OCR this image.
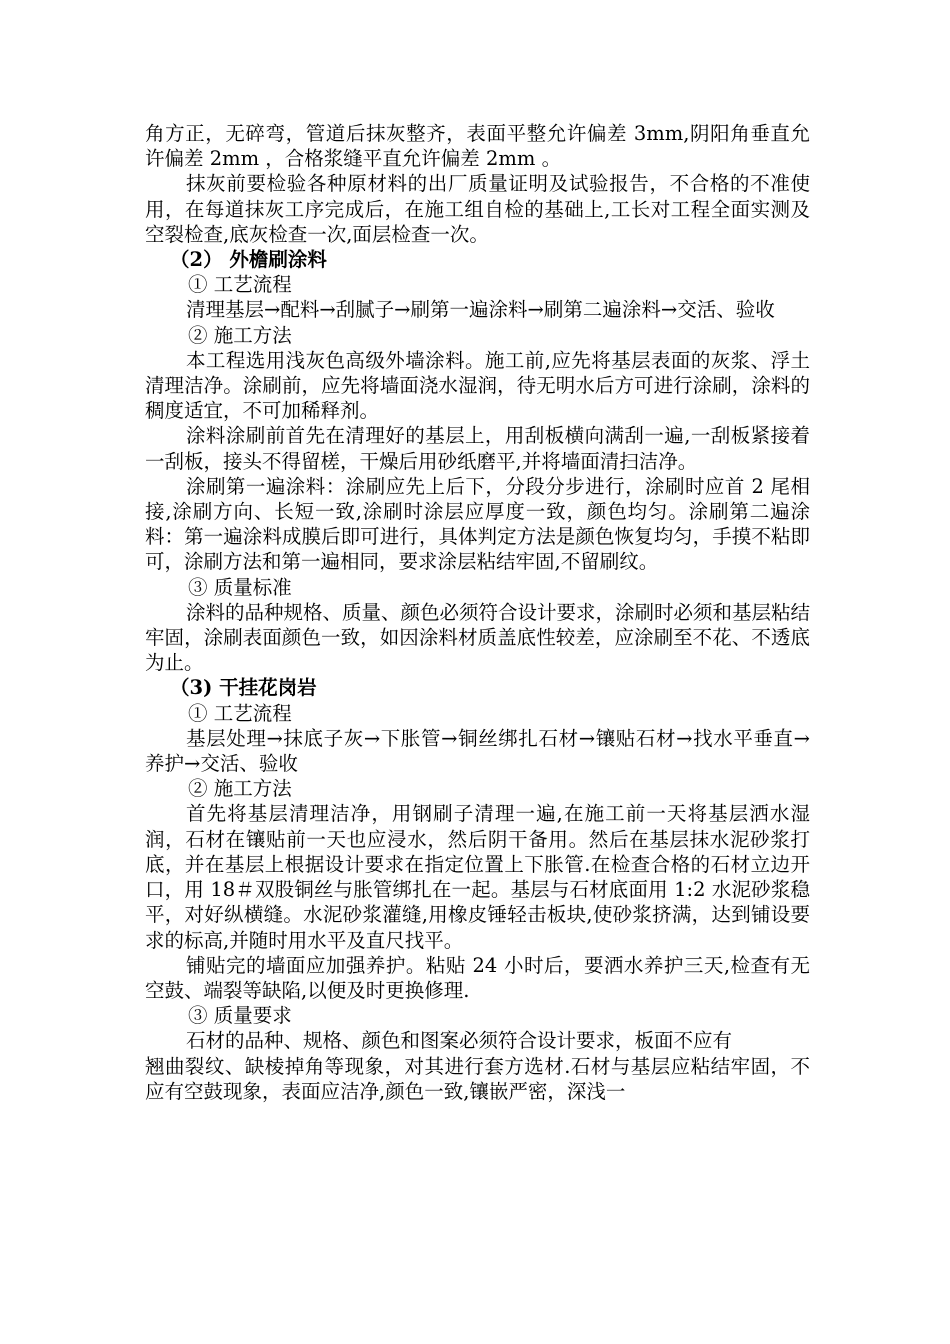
角方正，无碎弯，管道后抹灰整齐，表面平整允许偏差 3mm,阴阳角垂直允许偏差 2mm ，合格浆缝平直允许偏差 2mm 。

抹灰前要检验各种原材料的出厂质量证明及试验报告，不合格的不准使用，在每道抹灰工序完成后，在施工组自检的基础上,工长对工程全面实测及空裂检查,底灰检查一次,面层检查一次。

（2） 外檐刷涂料

① 工艺流程

清理基层→配料→刮腻子→刷第一遍涂料→刷第二遍涂料→交活、验收

② 施工方法

本工程选用浅灰色高级外墙涂料。施工前,应先将基层表面的灰浆、浮土清理洁净。涂刷前，应先将墙面浇水湿润，待无明水后方可进行涂刷，涂料的稠度适宜，不可加稀释剂。

涂料涂刷前首先在清理好的基层上，用刮板横向满刮一遍,一刮板紧接着一刮板，接头不得留槎，干燥后用砂纸磨平,并将墙面清扫洁净。

涂刷第一遍涂料：涂刷应先上后下，分段分步进行，涂刷时应首 2 尾相接,涂刷方向、长短一致,涂刷时涂层应厚度一致，颜色均匀。涂刷第二遍涂料：第一遍涂料成膜后即可进行，具体判定方法是颜色恢复均匀，手摸不粘即可，涂刷方法和第一遍相同，要求涂层粘结牢固,不留刷纹。

③ 质量标准

涂料的品种规格、质量、颜色必须符合设计要求，涂刷时必须和基层粘结牢固，涂刷表面颜色一致，如因涂料材质盖底性较差，应涂刷至不花、不透底为止。

（3) 干挂花岗岩

① 工艺流程

基层处理→抹底子灰→下胀管→铜丝绑扎石材→镶贴石材→找水平垂直→养护→交活、验收

② 施工方法

首先将基层清理洁净，用钢刷子清理一遍,在施工前一天将基层洒水湿润，石材在镶贴前一天也应浸水，然后阴干备用。然后在基层抹水泥砂浆打底，并在基层上根据设计要求在指定位置上下胀管.在检查合格的石材立边开口，用 18＃双股铜丝与胀管绑扎在一起。基层与石材底面用 1:2 水泥砂浆稳平，对好纵横缝。水泥砂浆灌缝,用橡皮锤轻击板块,使砂浆挤满，达到铺设要求的标高,并随时用水平及直尺找平。

铺贴完的墙面应加强养护。粘贴 24 小时后，要洒水养护三天,检查有无空鼓、端裂等缺陷,以便及时更换修理.

③ 质量要求

石材的品种、规格、颜色和图案必须符合设计要求，板面不应有

翘曲裂纹、缺棱掉角等现象，对其进行套方选材.石材与基层应粘结牢固，不应有空鼓现象，表面应洁净,颜色一致,镶嵌严密，深浅一
